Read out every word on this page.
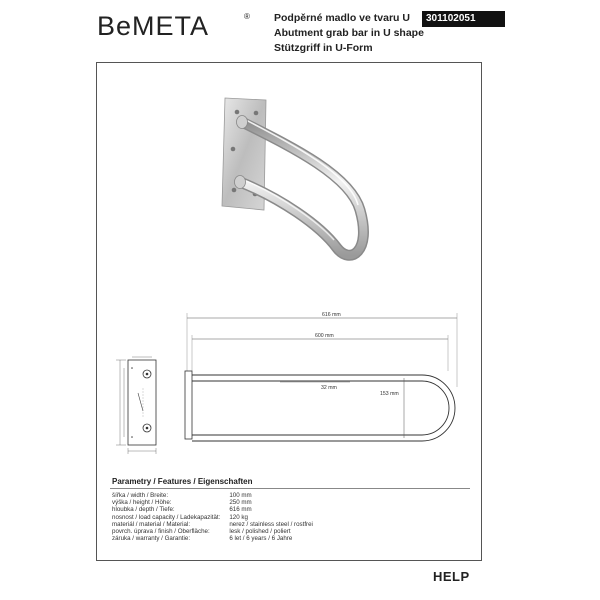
BeMETA	® Podpěrné madlo ve tvaru U
Abutment grab bar in U shape
Stützgriff in U-Form
301102051
616 mm
600 mm
32 mm
153 mm
Parametry / Features / Eigenschaften
šířka / width / Breite:	100 mm
výška / height / Höhe:	250 mm
hloubka / depth / Tiefe:	616 mm
nosnost / load capacity / Ladekapazität:	120 kg
materiál / material / Material:	nerez / stainless steel / rostfrei
povrch. úprava / finish / Oberfläche:	lesk / polished / poliert
záruka / warranty / Garantie:	6 let / 6 years / 6 Jahre
HELP
